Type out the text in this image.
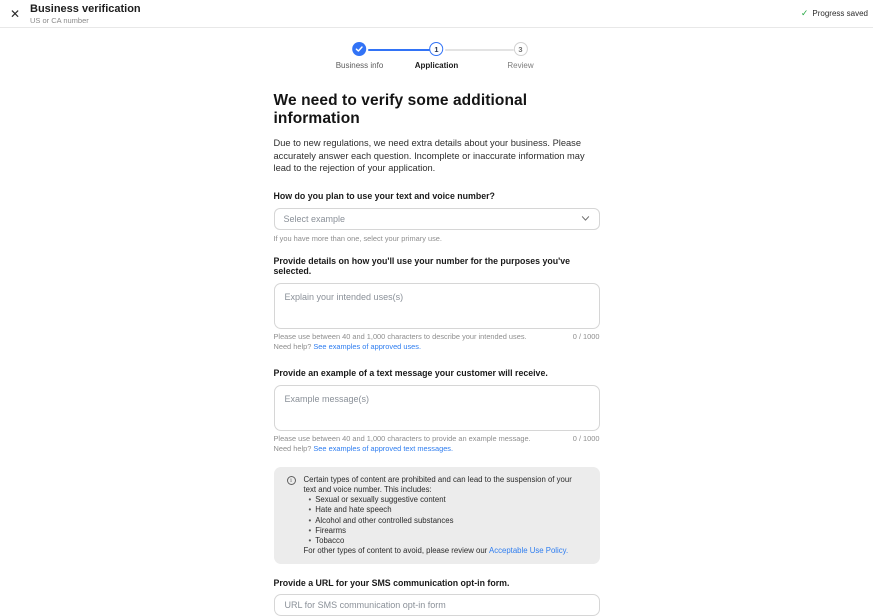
✕ Business verification
US or CA number
✓ Progress saved
Business info
1
Application
3
Review
We need to verify some additional information

Due to new regulations, we need extra details about your business. Please accurately answer each question. Incomplete or inaccurate information may lead to the rejection of your application.

How do you plan to use your text and voice number?
Select example
If you have more than one, select your primary use.
Provide details on how you'll use your number for the purposes you've selected.
Explain your intended uses(s)
Please use between 40 and 1,000 characters to describe your intended uses.	0 / 1000
Need help? See examples of approved uses.
Provide an example of a text message your customer will receive.
Example message(s)
Please use between 40 and 1,000 characters to provide an example message.	0 / 1000
Need help? See examples of approved text messages.
i	Certain types of content are prohibited and can lead to the suspension of your text and voice number. This includes:
• Sexual or sexually suggestive content
• Hate and hate speech
• Alcohol and other controlled substances
• Firearms
• Tobacco
For other types of content to avoid, please review our Acceptable Use Policy.
Provide a URL for your SMS communication opt-in form.
URL for SMS communication opt-in form
